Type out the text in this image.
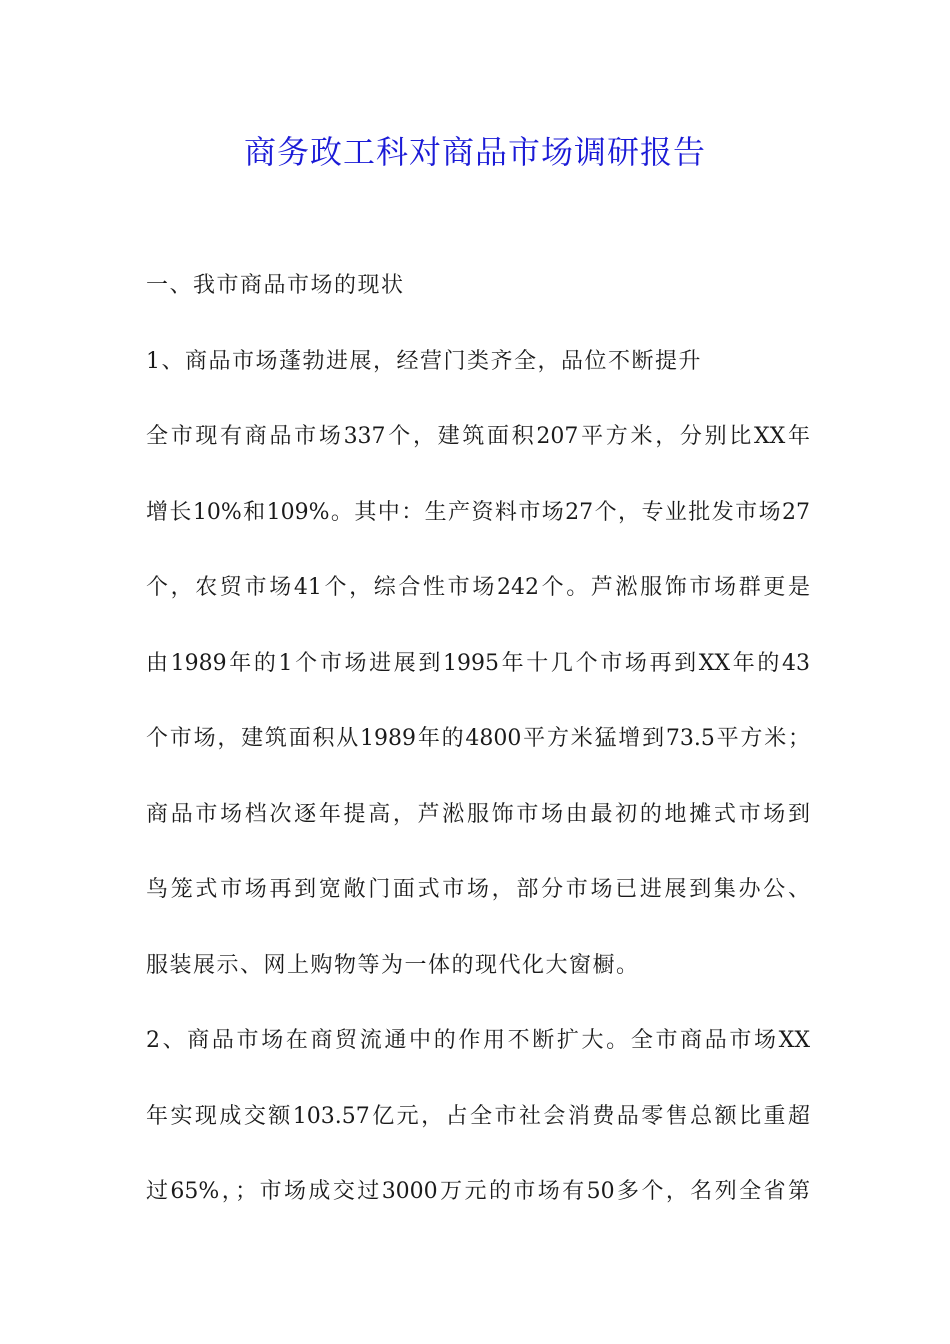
商务政工科对商品市场调研报告

一、我市商品市场的现状

1、商品市场蓬勃进展，经营门类齐全，品位不断提升

全市现有商品市场337个，建筑面积207平方米，分别比XX年

增长10%和109%。其中：生产资料市场27个，专业批发市场27

个，农贸市场41个，综合性市场242个。芦淞服饰市场群更是

由1989年的1个市场进展到1995年十几个市场再到XX年的43

个市场，建筑面积从1989年的4800平方米猛增到73.5平方米；

商品市场档次逐年提高，芦淞服饰市场由最初的地摊式市场到

鸟笼式市场再到宽敞门面式市场，部分市场已进展到集办公、

服装展示、网上购物等为一体的现代化大窗橱。

2、商品市场在商贸流通中的作用不断扩大。全市商品市场XX

年实现成交额103.57亿元，占全市社会消费品零售总额比重超

过65%，；市场成交过3000万元的市场有50多个，名列全省第
